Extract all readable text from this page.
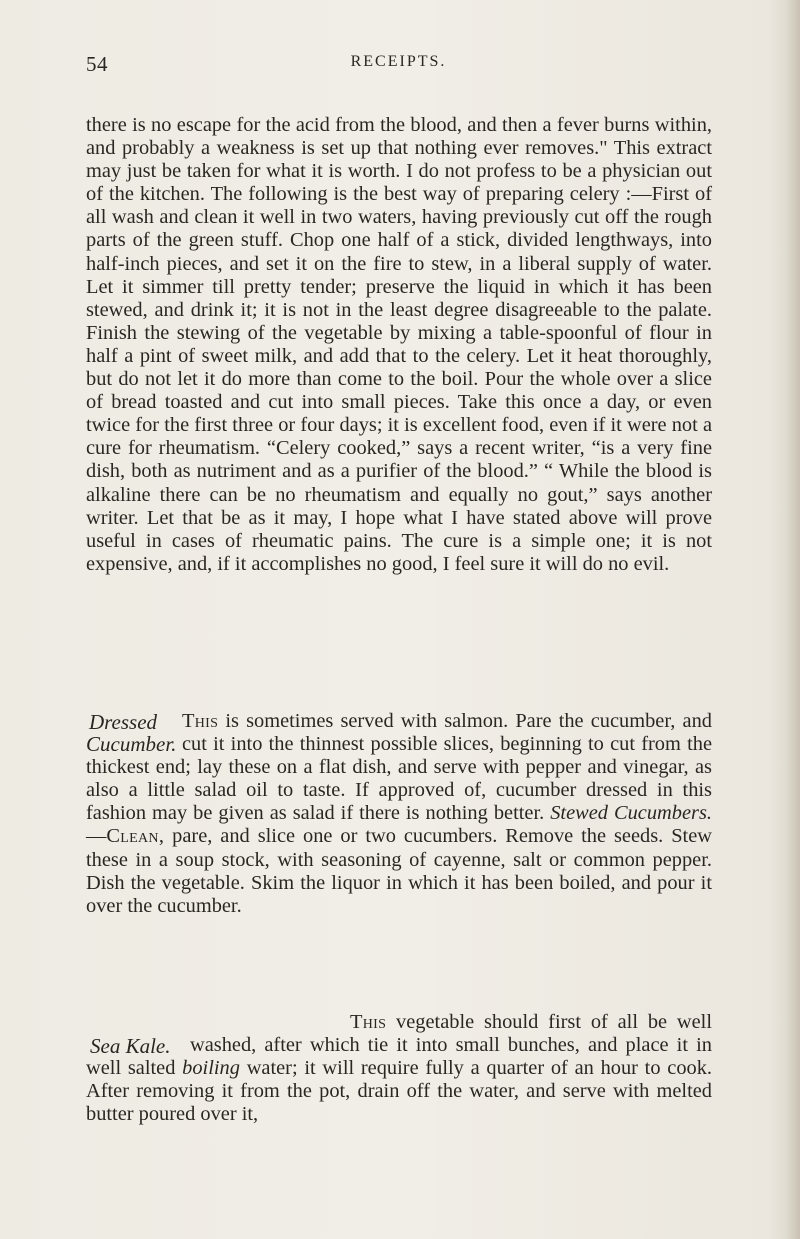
54	RECEIPTS.

there is no escape for the acid from the blood, and then a fever burns within, and probably a weakness is set up that nothing ever removes." This extract may just be taken for what it is worth. I do not profess to be a physician out of the kitchen. The following is the best way of preparing celery :—First of all wash and clean it well in two waters, having previously cut off the rough parts of the green stuff. Chop one half of a stick, divided lengthways, into half-inch pieces, and set it on the fire to stew, in a liberal supply of water. Let it simmer till pretty tender; preserve the liquid in which it has been stewed, and drink it; it is not in the least degree disagreeable to the palate. Finish the stewing of the vegetable by mixing a table-spoonful of flour in half a pint of sweet milk, and add that to the celery. Let it heat thoroughly, but do not let it do more than come to the boil. Pour the whole over a slice of bread toasted and cut into small pieces. Take this once a day, or even twice for the first three or four days; it is excellent food, even if it were not a cure for rheumatism. “Celery cooked,” says a recent writer, “is a very fine dish, both as nutriment and as a purifier of the blood.” “ While the blood is alkaline there can be no rheumatism and equally no gout,” says another writer. Let that be as it may, I hope what I have stated above will prove useful in cases of rheumatic pains. The cure is a simple one; it is not expensive, and, if it accomplishes no good, I feel sure it will do no evil.

Dressed
Cucumber.

This is sometimes served with salmon. Pare the cucumber, and cut it into the thinnest possible slices, beginning to cut from the thickest end; lay these on a flat dish, and serve with pepper and vinegar, as also a little salad oil to taste. If approved of, cucumber dressed in this fashion may be given as salad if there is nothing better. Stewed Cucumbers.—Clean, pare, and slice one or two cucumbers. Remove the seeds. Stew these in a soup stock, with seasoning of cayenne, salt or common pepper. Dish the vegetable. Skim the liquor in which it has been boiled, and pour it over the cucumber.

Sea Kale.

This vegetable should first of all be well washed, after which tie it into small bunches, and place it in well salted boiling water; it will require fully a quarter of an hour to cook. After removing it from the pot, drain off the water, and serve with melted butter poured over it,
